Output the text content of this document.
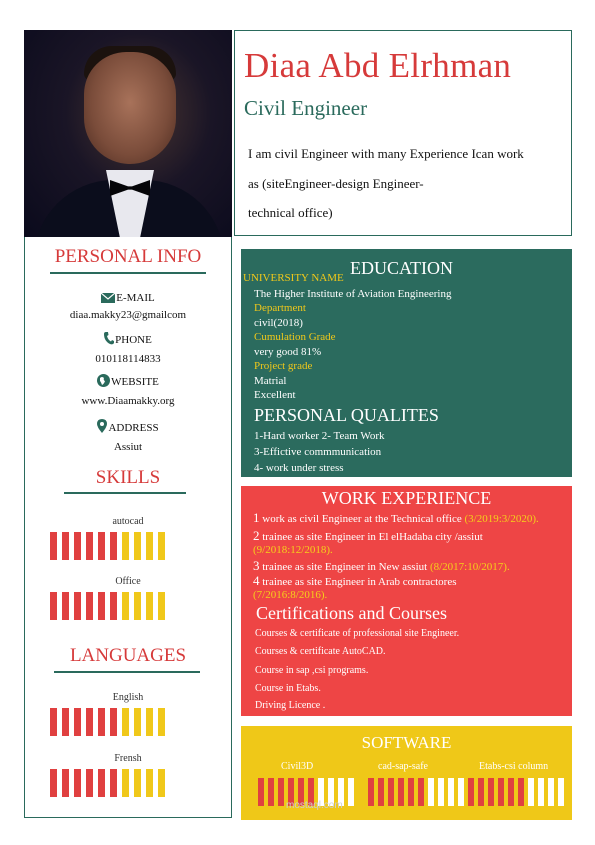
PERSONAL INFO
E-MAIL
diaa.makky23@gmailcom
PHONE
010118114833
WEBSITE
www.Diaamakky.org
ADDRESS
Assiut
SKILLS
autocad
Office
LANGUAGES
English
Frensh
Diaa Abd Elrhman
Civil Engineer
I am civil Engineer with many Experience Ican work
as (siteEngineer-design Engineer-
technical office)
EDUCATION
UNIVERSITY NAME
The Higher Institute of Aviation Engineering
Department
civil(2018)
Cumulation Grade
very good 81%
Project grade
Matrial
Excellent
PERSONAL QUALITES
1-Hard worker 2- Team Work
3-Effictive commmunication
4- work under stress
WORK EXPERIENCE
1 work as civil Engineer at the Technical office (3/2019:3/2020).
2 trainee as site Engineer in El elHadaba city /assiut
(9/2018:12/2018).
3 trainee as site Engineer in New assiut (8/2017:10/2017).
4 trainee as site Engineer in Arab contractores
(7/2016:8/2016).
Certifications and Courses
Courses & certificate of professional site Engineer.
Courses & certificate AutoCAD.
Course in sap ,csi programs.
Course in Etabs.
Driving Licence .
SOFTWARE
Civil3D	cad-sap-safe	Etabs-csi column
mostaql.com
